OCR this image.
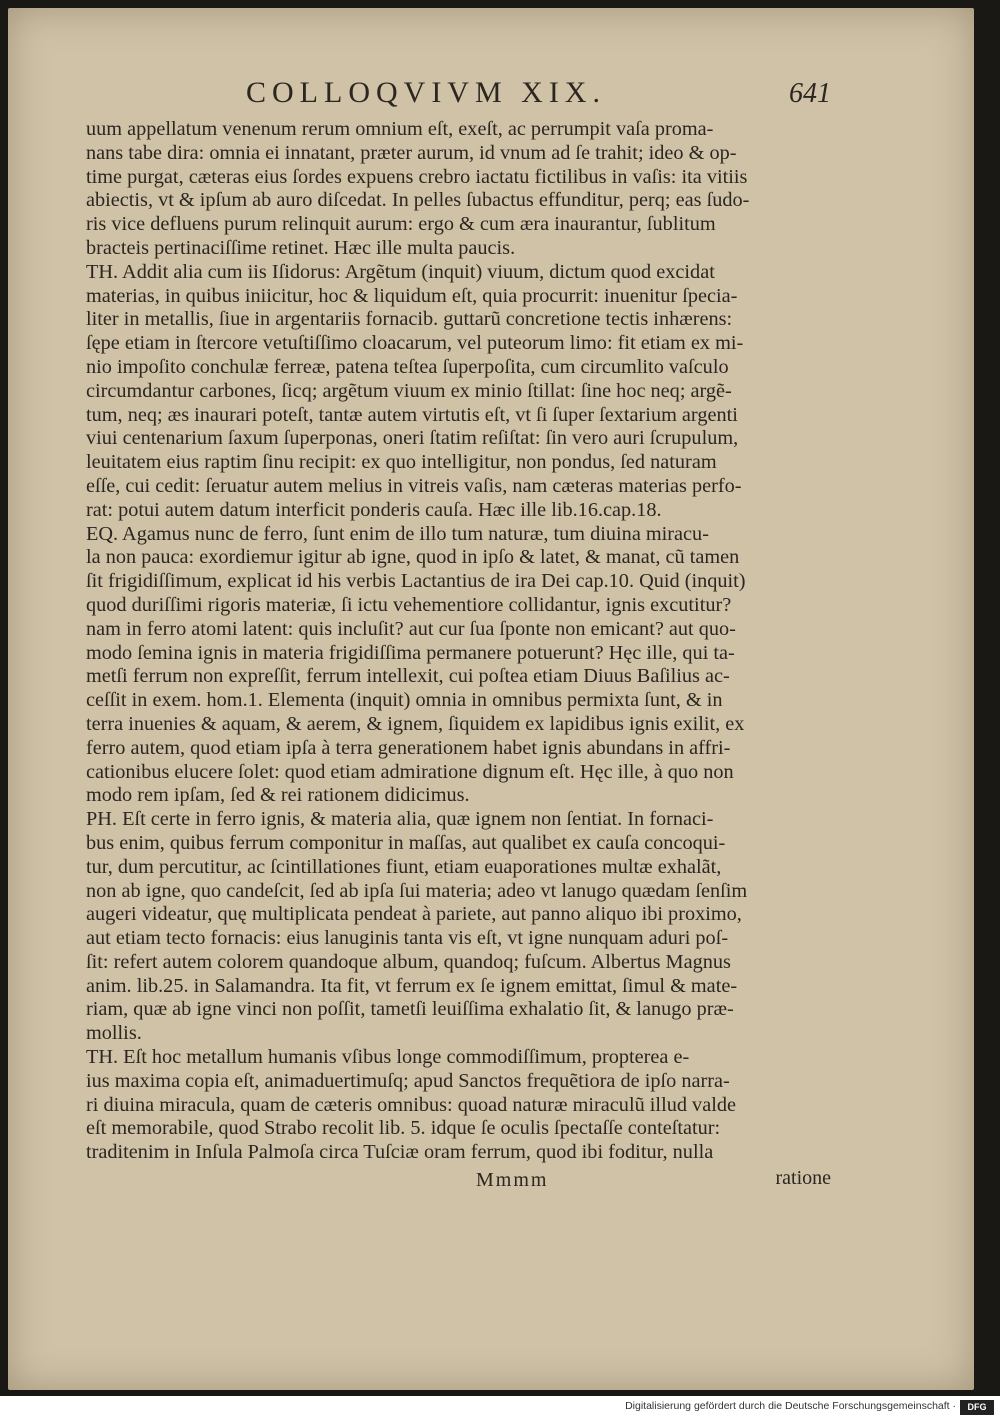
COLLOQVIVM XIX.	641

uum appellatum venenum rerum omnium eſt, exeſt, ac perrumpit vaſa proma-
nans tabe dira: omnia ei innatant, præter aurum, id vnum ad ſe trahit; ideo & op-
time purgat, cæteras eius ſordes expuens crebro iactatu fictilibus in vaſis: ita vitiis
abiectis, vt & ipſum ab auro diſcedat. In pelles ſubactus effunditur, perq; eas ſudo-
ris vice defluens purum relinquit aurum: ergo & cum æra inaurantur, ſublitum
bracteis pertinaciſſime retinet. Hæc ille multa paucis.

TH. Addit alia cum iis Iſidorus: Argẽtum (inquit) viuum, dictum quod excidat
materias, in quibus iniicitur, hoc & liquidum eſt, quia procurrit: inuenitur ſpecia-
liter in metallis, ſiue in argentariis fornacib. guttarũ concretione tectis inhærens:
ſępe etiam in ſtercore vetuſtiſſimo cloacarum, vel puteorum limo: fit etiam ex mi-
nio impoſito conchulæ ferreæ, patena teſtea ſuperpoſita, cum circumlito vaſculo
circumdantur carbones, ſicq; argẽtum viuum ex minio ſtillat: ſine hoc neq; argẽ-
tum, neq; æs inaurari poteſt, tantæ autem virtutis eſt, vt ſi ſuper ſextarium argenti
viui centenarium ſaxum ſuperponas, oneri ſtatim reſiſtat: ſin vero auri ſcrupulum,
leuitatem eius raptim ſinu recipit: ex quo intelligitur, non pondus, ſed naturam
eſſe, cui cedit: ſeruatur autem melius in vitreis vaſis, nam cæteras materias perfo-
rat: potui autem datum interficit ponderis cauſa. Hæc ille lib.16.cap.18.

EQ. Agamus nunc de ferro, ſunt enim de illo tum naturæ, tum diuina miracu-
la non pauca: exordiemur igitur ab igne, quod in ipſo & latet, & manat, cũ tamen
ſit frigidiſſimum, explicat id his verbis Lactantius de ira Dei cap.10. Quid (inquit)
quod duriſſimi rigoris materiæ, ſi ictu vehementiore collidantur, ignis excutitur?
nam in ferro atomi latent: quis incluſit? aut cur ſua ſponte non emicant? aut quo-
modo ſemina ignis in materia frigidiſſima permanere potuerunt? Hęc ille, qui ta-
metſi ferrum non expreſſit, ferrum intellexit, cui poſtea etiam Diuus Baſilius ac-
ceſſit in exem. hom.1. Elementa (inquit) omnia in omnibus permixta ſunt, & in
terra inuenies & aquam, & aerem, & ignem, ſiquidem ex lapidibus ignis exilit, ex
ferro autem, quod etiam ipſa à terra generationem habet ignis abundans in affri-
cationibus elucere ſolet: quod etiam admiratione dignum eſt. Hęc ille, à quo non
modo rem ipſam, ſed & rei rationem didicimus.

PH. Eſt certe in ferro ignis, & materia alia, quæ ignem non ſentiat. In fornaci-
bus enim, quibus ferrum componitur in maſſas, aut qualibet ex cauſa concoqui-
tur, dum percutitur, ac ſcintillationes fiunt, etiam euaporationes multæ exhalãt,
non ab igne, quo candeſcit, ſed ab ipſa ſui materia; adeo vt lanugo quædam ſenſim
augeri videatur, quę multiplicata pendeat à pariete, aut panno aliquo ibi proximo,
aut etiam tecto fornacis: eius lanuginis tanta vis eſt, vt igne nunquam aduri poſ-
ſit: refert autem colorem quandoque album, quandoq; fuſcum. Albertus Magnus
anim. lib.25. in Salamandra. Ita fit, vt ferrum ex ſe ignem emittat, ſimul & mate-
riam, quæ ab igne vinci non poſſit, tametſi leuiſſima exhalatio ſit, & lanugo præ-
mollis.

TH. Eſt hoc metallum humanis vſibus longe commodiſſimum, propterea e-
ius maxima copia eſt, animaduertimuſq; apud Sanctos frequẽtiora de ipſo narra-
ri diuina miracula, quam de cæteris omnibus: quoad naturæ miraculũ illud valde
eſt memorabile, quod Strabo recolit lib. 5. idque ſe oculis ſpectaſſe conteſtatur:
traditenim in Inſula Palmoſa circa Tuſciæ oram ferrum, quod ibi foditur, nulla

Mmmm	ratione
Digitalisierung gefördert durch die Deutsche Forschungsgemeinschaft ·	DFG
